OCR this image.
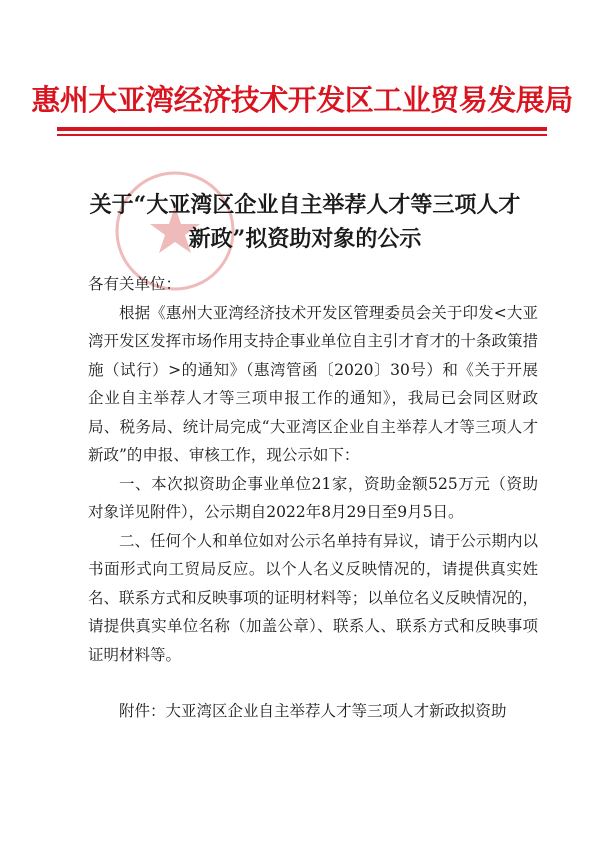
惠州大亚湾经济技术开发区工业贸易发展局
关于“大亚湾区企业自主举荐人才等三项人才
新政”拟资助对象的公示

各有关单位：

根据《惠州大亚湾经济技术开发区管理委员会关于印发<大亚湾开发区发挥市场作用支持企事业单位自主引才育才的十条政策措施（试行）>的通知》（惠湾管函〔2020〕30号）和《关于开展企业自主举荐人才等三项申报工作的通知》，我局已会同区财政局、税务局、统计局完成“大亚湾区企业自主举荐人才等三项人才新政”的申报、审核工作，现公示如下：

一、本次拟资助企事业单位21家，资助金额525万元（资助对象详见附件），公示期自2022年8月29日至9月5日。

二、任何个人和单位如对公示名单持有异议，请于公示期内以书面形式向工贸局反应。以个人名义反映情况的，请提供真实姓名、联系方式和反映事项的证明材料等；以单位名义反映情况的，请提供真实单位名称（加盖公章）、联系人、联系方式和反映事项证明材料等。

附件：大亚湾区企业自主举荐人才等三项人才新政拟资助
